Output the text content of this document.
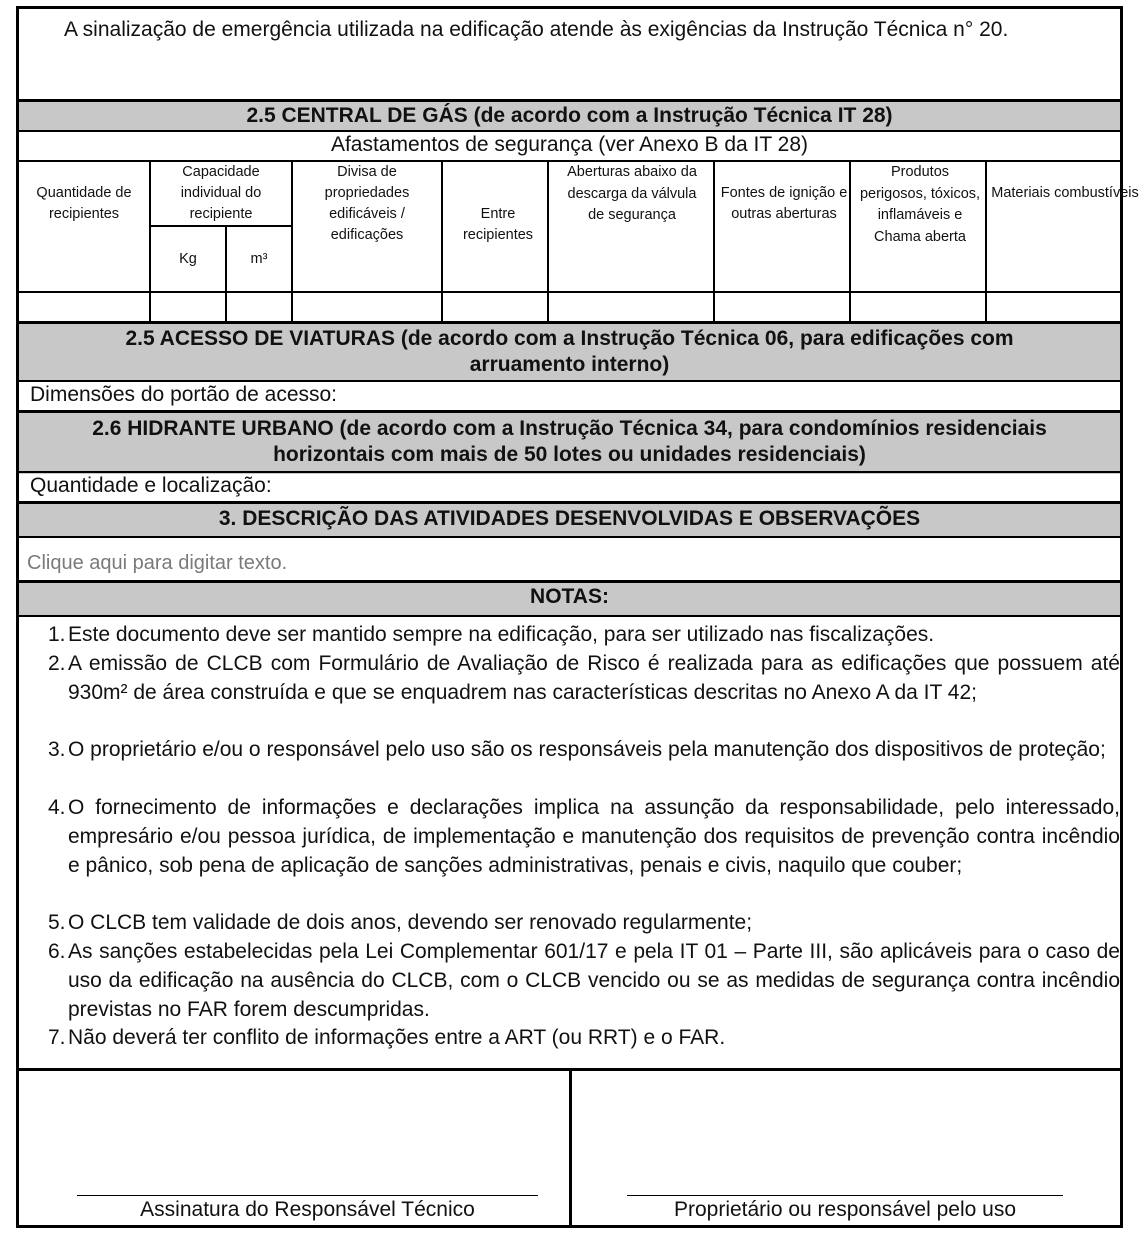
A sinalização de emergência utilizada na edificação atende às exigências da Instrução Técnica n° 20.
2.5 CENTRAL DE GÁS (de acordo com a Instrução Técnica IT 28)
Afastamentos de segurança (ver Anexo B da IT 28)
Quantidade de recipientes
Capacidade individual do recipiente
Kg	m³
Divisa de propriedades edificáveis / edificações
Entre recipientes
Aberturas abaixo da descarga da válvula de segurança
Fontes de ignição e outras aberturas
Produtos perigosos, tóxicos, inflamáveis e Chama aberta
Materiais combustíveis
2.5 ACESSO DE VIATURAS (de acordo com a Instrução Técnica 06, para edificações com
arruamento interno)
Dimensões do portão de acesso:
2.6 HIDRANTE URBANO (de acordo com a Instrução Técnica 34, para condomínios residenciais
horizontais com mais de 50 lotes ou unidades residenciais)
Quantidade e localização:
3. DESCRIÇÃO DAS ATIVIDADES DESENVOLVIDAS E OBSERVAÇÕES
Clique aqui para digitar texto.
NOTAS:
1. Este documento deve ser mantido sempre na edificação, para ser utilizado nas fiscalizações.
2. A emissão de CLCB com Formulário de Avaliação de Risco é realizada para as edificações que possuem até 930m² de área construída e que se enquadrem nas características descritas no Anexo A da IT 42;
3. O proprietário e/ou o responsável pelo uso são os responsáveis pela manutenção dos dispositivos de proteção;
4. O fornecimento de informações e declarações implica na assunção da responsabilidade, pelo interessado, empresário e/ou pessoa jurídica, de implementação e manutenção dos requisitos de prevenção contra incêndio e pânico, sob pena de aplicação de sanções administrativas, penais e civis, naquilo que couber;
5. O CLCB tem validade de dois anos, devendo ser renovado regularmente;
6. As sanções estabelecidas pela Lei Complementar 601/17 e pela IT 01 – Parte III, são aplicáveis para o caso de uso da edificação na ausência do CLCB, com o CLCB vencido ou se as medidas de segurança contra incêndio previstas no FAR forem descumpridas.
7. Não deverá ter conflito de informações entre a ART (ou RRT) e o FAR.
Assinatura do Responsável Técnico	Proprietário ou responsável pelo uso
